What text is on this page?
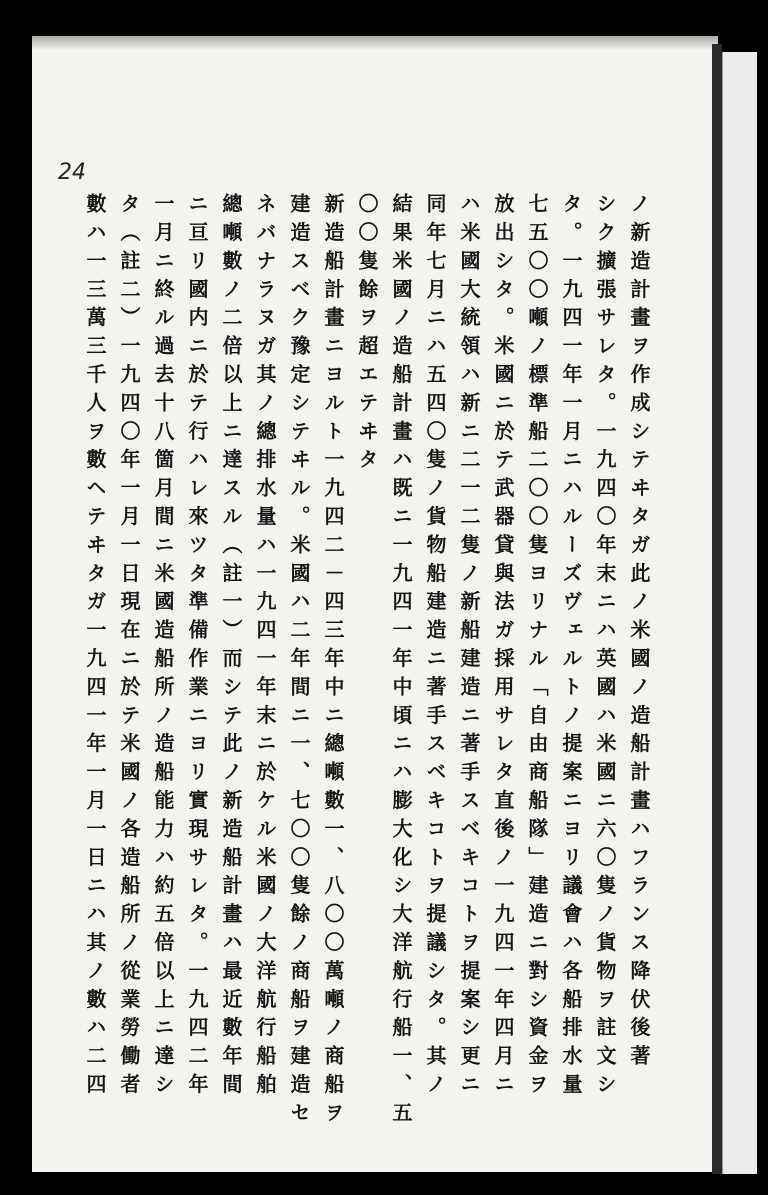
24
ノ新造計畫ヲ作成シテヰタガ此ノ米國ノ造船計畫ハフランス降伏後著
シク擴張サレタ。一九四〇年末ニハ英國ハ米國ニ六〇隻ノ貨物ヲ註文シ
タ。一九四一年一月ニハルーズヴェルトノ提案ニヨリ議會ハ各船排水量
七五〇〇噸ノ標準船二〇〇隻ヨリナル「自由商船隊」建造ニ對シ資金ヲ
放出シタ。米國ニ於テ武器貸與法ガ採用サレタ直後ノ一九四一年四月ニ
ハ米國大統領ハ新ニ二一二隻ノ新船建造ニ著手スベキコトヲ提案シ更ニ
同年七月ニハ五四〇隻ノ貨物船建造ニ著手スベキコトヲ提議シタ。其ノ
結果米國ノ造船計畫ハ既ニ一九四一年中頃ニハ膨大化シ大洋航行船一、五
〇〇隻餘ヲ超エテヰタ
新造船計畫ニヨルト一九四二－四三年中ニ總噸數一、八〇〇萬噸ノ商船ヲ
建造スベク豫定シテヰル。米國ハ二年間ニ一、七〇〇隻餘ノ商船ヲ建造セ
ネバナラヌガ其ノ總排水量ハ一九四一年末ニ於ケル米國ノ大洋航行船舶
總噸數ノ二倍以上ニ達スル（註一）而シテ此ノ新造船計畫ハ最近數年間
ニ亘リ國内ニ於テ行ハレ來ツタ準備作業ニヨリ實現サレタ。一九四二年
一月ニ終ル過去十八箇月間ニ米國造船所ノ造船能力ハ約五倍以上ニ達シ
タ（註二）一九四〇年一月一日現在ニ於テ米國ノ各造船所ノ從業勞働者
數ハ一三萬三千人ヲ數ヘテヰタガ一九四一年一月一日ニハ其ノ數ハ二四
